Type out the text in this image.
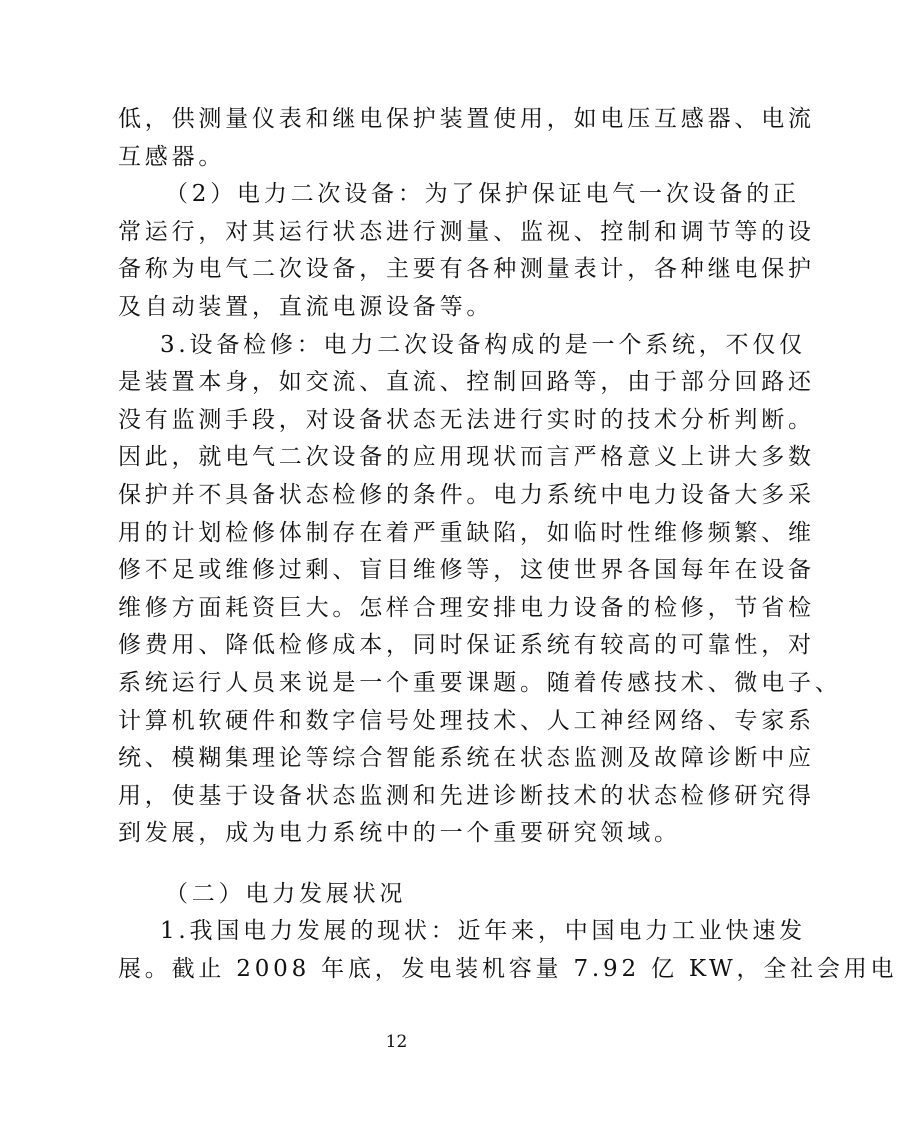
低，供测量仪表和继电保护装置使用，如电压互感器、电流
互感器。
（2）电力二次设备：为了保护保证电气一次设备的正
常运行，对其运行状态进行测量、监视、控制和调节等的设
备称为电气二次设备，主要有各种测量表计，各种继电保护
及自动装置，直流电源设备等。
3.设备检修：电力二次设备构成的是一个系统，不仅仅
是装置本身，如交流、直流、控制回路等，由于部分回路还
没有监测手段，对设备状态无法进行实时的技术分析判断。
因此，就电气二次设备的应用现状而言严格意义上讲大多数
保护并不具备状态检修的条件。电力系统中电力设备大多采
用的计划检修体制存在着严重缺陷，如临时性维修频繁、维
修不足或维修过剩、盲目维修等，这使世界各国每年在设备
维修方面耗资巨大。怎样合理安排电力设备的检修，节省检
修费用、降低检修成本，同时保证系统有较高的可靠性，对
系统运行人员来说是一个重要课题。随着传感技术、微电子、
计算机软硬件和数字信号处理技术、人工神经网络、专家系
统、模糊集理论等综合智能系统在状态监测及故障诊断中应
用，使基于设备状态监测和先进诊断技术的状态检修研究得
到发展，成为电力系统中的一个重要研究领域。
（二）电力发展状况
1.我国电力发展的现状：近年来，中国电力工业快速发
展。截止 2008 年底，发电装机容量 7.92 亿 KW，全社会用电
12
